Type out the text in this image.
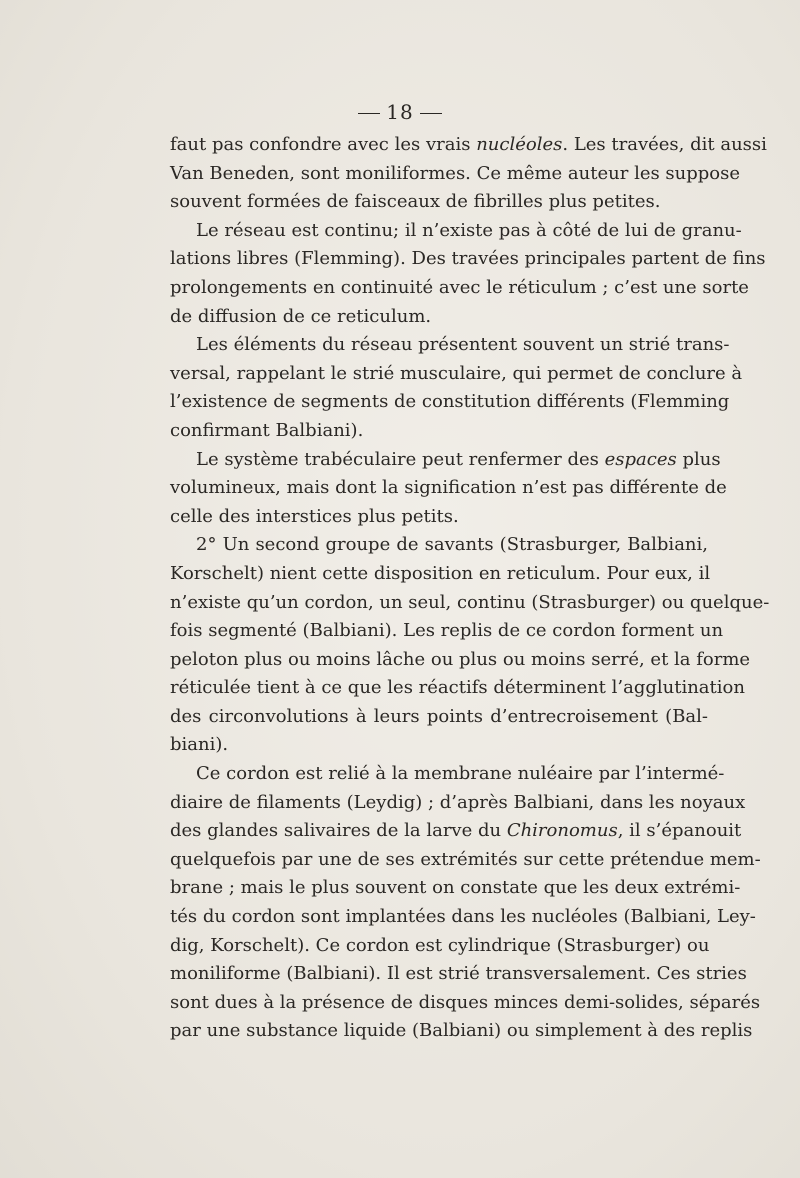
18
faut pas confondre avec les vrais nucléoles. Les travées, dit aussi
Van Beneden, sont moniliformes. Ce même auteur les suppose
souvent formées de faisceaux de fibrilles plus petites.
Le réseau est continu; il n’existe pas à côté de lui de granu-
lations libres (Flemming). Des travées principales partent de fins
prolongements en continuité avec le réticulum ; c’est une sorte
de diffusion de ce reticulum.
Les éléments du réseau présentent souvent un strié trans-
versal, rappelant le strié musculaire, qui permet de conclure à
l’existence de segments de constitution différents (Flemming
confirmant Balbiani).
Le système trabéculaire peut renfermer des espaces plus
volumineux, mais dont la signification n’est pas différente de
celle des interstices plus petits.
2° Un second groupe de savants (Strasburger, Balbiani,
Korschelt) nient cette disposition en reticulum. Pour eux, il
n’existe qu’un cordon, un seul, continu (Strasburger) ou quelque-
fois segmenté (Balbiani). Les replis de ce cordon forment un
peloton plus ou moins lâche ou plus ou moins serré, et la forme
réticulée tient à ce que les réactifs déterminent l’agglutination
des circonvolutions à leurs points d’entrecroisement (Bal-
biani).
Ce cordon est relié à la membrane nuléaire par l’intermé-
diaire de filaments (Leydig) ; d’après Balbiani, dans les noyaux
des glandes salivaires de la larve du Chironomus, il s’épanouit
quelquefois par une de ses extrémités sur cette prétendue mem-
brane ; mais le plus souvent on constate que les deux extrémi-
tés du cordon sont implantées dans les nucléoles (Balbiani, Ley-
dig, Korschelt). Ce cordon est cylindrique (Strasburger) ou
moniliforme (Balbiani). Il est strié transversalement. Ces stries
sont dues à la présence de disques minces demi-solides, séparés
par une substance liquide (Balbiani) ou simplement à des replis
